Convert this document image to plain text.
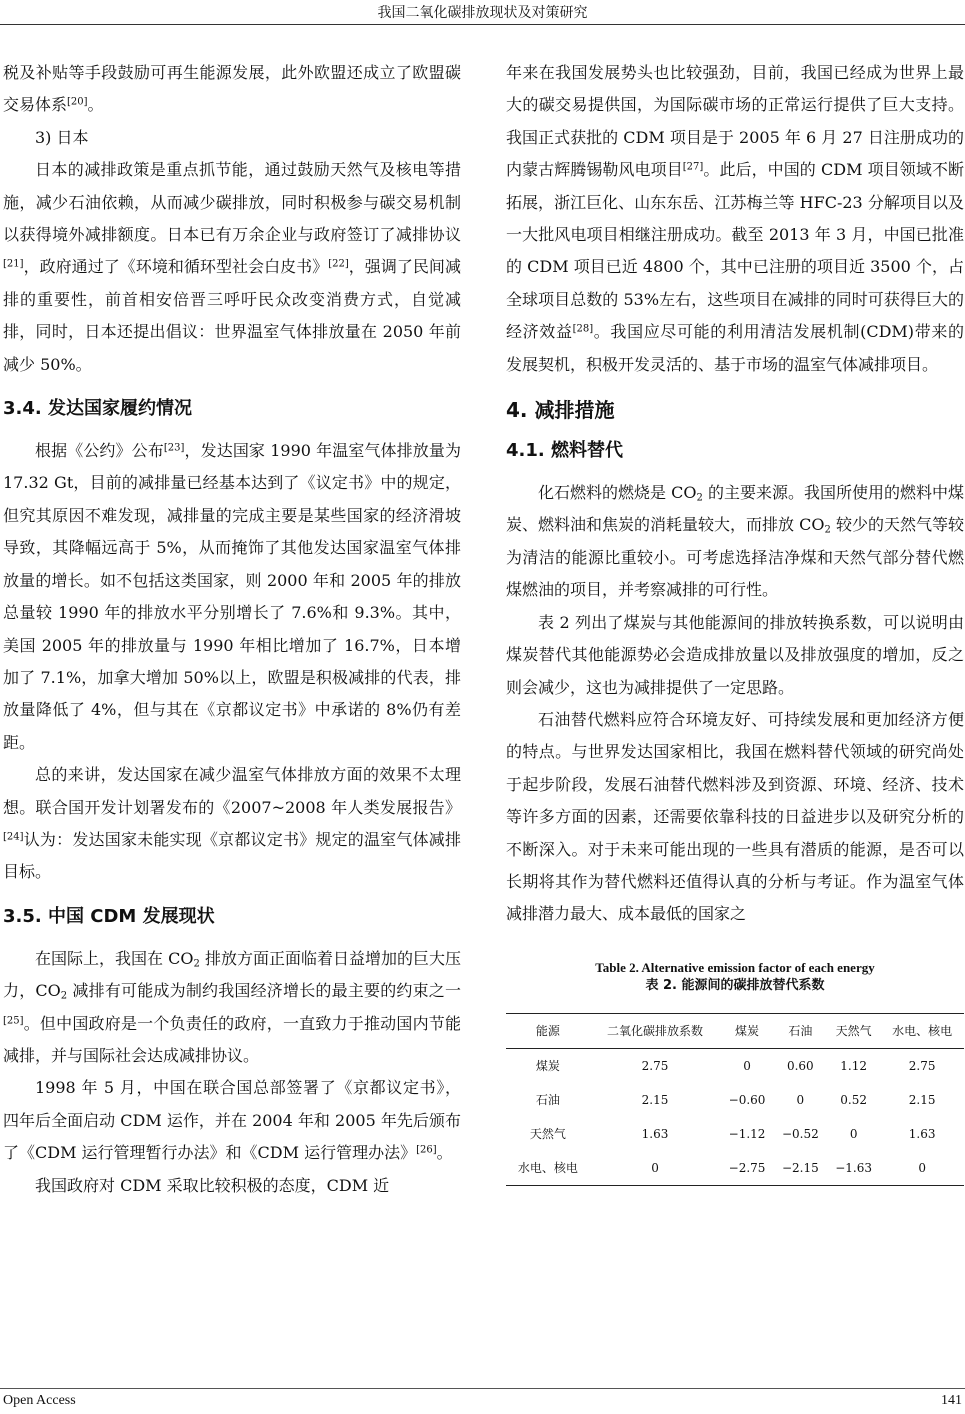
我国二氧化碳排放现状及对策研究

税及补贴等手段鼓励可再生能源发展，此外欧盟还成立了欧盟碳交易体系[20]。

3) 日本

日本的减排政策是重点抓节能，通过鼓励天然气及核电等措施，减少石油依赖，从而减少碳排放，同时积极参与碳交易机制以获得境外减排额度。日本已有万余企业与政府签订了减排协议[21]，政府通过了《环境和循环型社会白皮书》[22]，强调了民间减排的重要性，前首相安倍晋三呼吁民众改变消费方式，自觉减排，同时，日本还提出倡议：世界温室气体排放量在 2050 年前减少 50%。

3.4. 发达国家履约情况

根据《公约》公布[23]，发达国家 1990 年温室气体排放量为 17.32 Gt，目前的减排量已经基本达到了《议定书》中的规定，但究其原因不难发现，减排量的完成主要是某些国家的经济滑坡导致，其降幅远高于 5%，从而掩饰了其他发达国家温室气体排放量的增长。如不包括这类国家，则 2000 年和 2005 年的排放总量较 1990 年的排放水平分别增长了 7.6%和 9.3%。其中，美国 2005 年的排放量与 1990 年相比增加了 16.7%，日本增加了 7.1%，加拿大增加 50%以上，欧盟是积极减排的代表，排放量降低了 4%，但与其在《京都议定书》中承诺的 8%仍有差距。

总的来讲，发达国家在减少温室气体排放方面的效果不太理想。联合国开发计划署发布的《2007~2008 年人类发展报告》[24]认为：发达国家未能实现《京都议定书》规定的温室气体减排目标。

3.5. 中国 CDM 发展现状

在国际上，我国在 $CO_2$ 排放方面正面临着日益增加的巨大压力，$CO_2$ 减排有可能成为制约我国经济增长的最主要的约束之一[25]。但中国政府是一个负责任的政府，一直致力于推动国内节能减排，并与国际社会达成减排协议。

1998 年 5 月，中国在联合国总部签署了《京都议定书》，四年后全面启动 CDM 运作，并在 2004 年和 2005 年先后颁布了《CDM 运行管理暂行办法》和《CDM 运行管理办法》[26]。

我国政府对 CDM 采取比较积极的态度，CDM 近

年来在我国发展势头也比较强劲，目前，我国已经成为世界上最大的碳交易提供国，为国际碳市场的正常运行提供了巨大支持。我国正式获批的 CDM 项目是于 2005 年 6 月 27 日注册成功的内蒙古辉腾锡勒风电项目[27]。此后，中国的 CDM 项目领域不断拓展，浙江巨化、山东东岳、江苏梅兰等 HFC-23 分解项目以及一大批风电项目相继注册成功。截至 2013 年 3 月，中国已批准的 CDM 项目已近 4800 个，其中已注册的项目近 3500 个，占全球项目总数的 53%左右，这些项目在减排的同时可获得巨大的经济效益[28]。我国应尽可能的利用清洁发展机制(CDM)带来的发展契机，积极开发灵活的、基于市场的温室气体减排项目。

4. 减排措施
4.1. 燃料替代

化石燃料的燃烧是 $CO_2$ 的主要来源。我国所使用的燃料中煤炭、燃料油和焦炭的消耗量较大，而排放 $CO_2$ 较少的天然气等较为清洁的能源比重较小。可考虑选择洁净煤和天然气部分替代燃煤燃油的项目，并考察减排的可行性。

表 2 列出了煤炭与其他能源间的排放转换系数，可以说明由煤炭替代其他能源势必会造成排放量以及排放强度的增加，反之则会减少，这也为减排提供了一定思路。

石油替代燃料应符合环境友好、可持续发展和更加经济方便的特点。与世界发达国家相比，我国在燃料替代领域的研究尚处于起步阶段，发展石油替代燃料涉及到资源、环境、经济、技术等许多方面的因素，还需要依靠科技的日益进步以及研究分析的不断深入。对于未来可能出现的一些具有潜质的能源，是否可以长期将其作为替代燃料还值得认真的分析与考证。作为温室气体减排潜力最大、成本最低的国家之

Table 2. Alternative emission factor of each energy
表 2. 能源间的碳排放替代系数
能源	二氧化碳排放系数	煤炭	石油	天然气	水电、核电
煤炭	2.75	0	0.60	1.12	2.75
石油	2.15	−0.60	0	0.52	2.15
天然气	1.63	−1.12	−0.52	0	1.63
水电、核电	0	−2.75	−2.15	−1.63	0
Open Access	141
